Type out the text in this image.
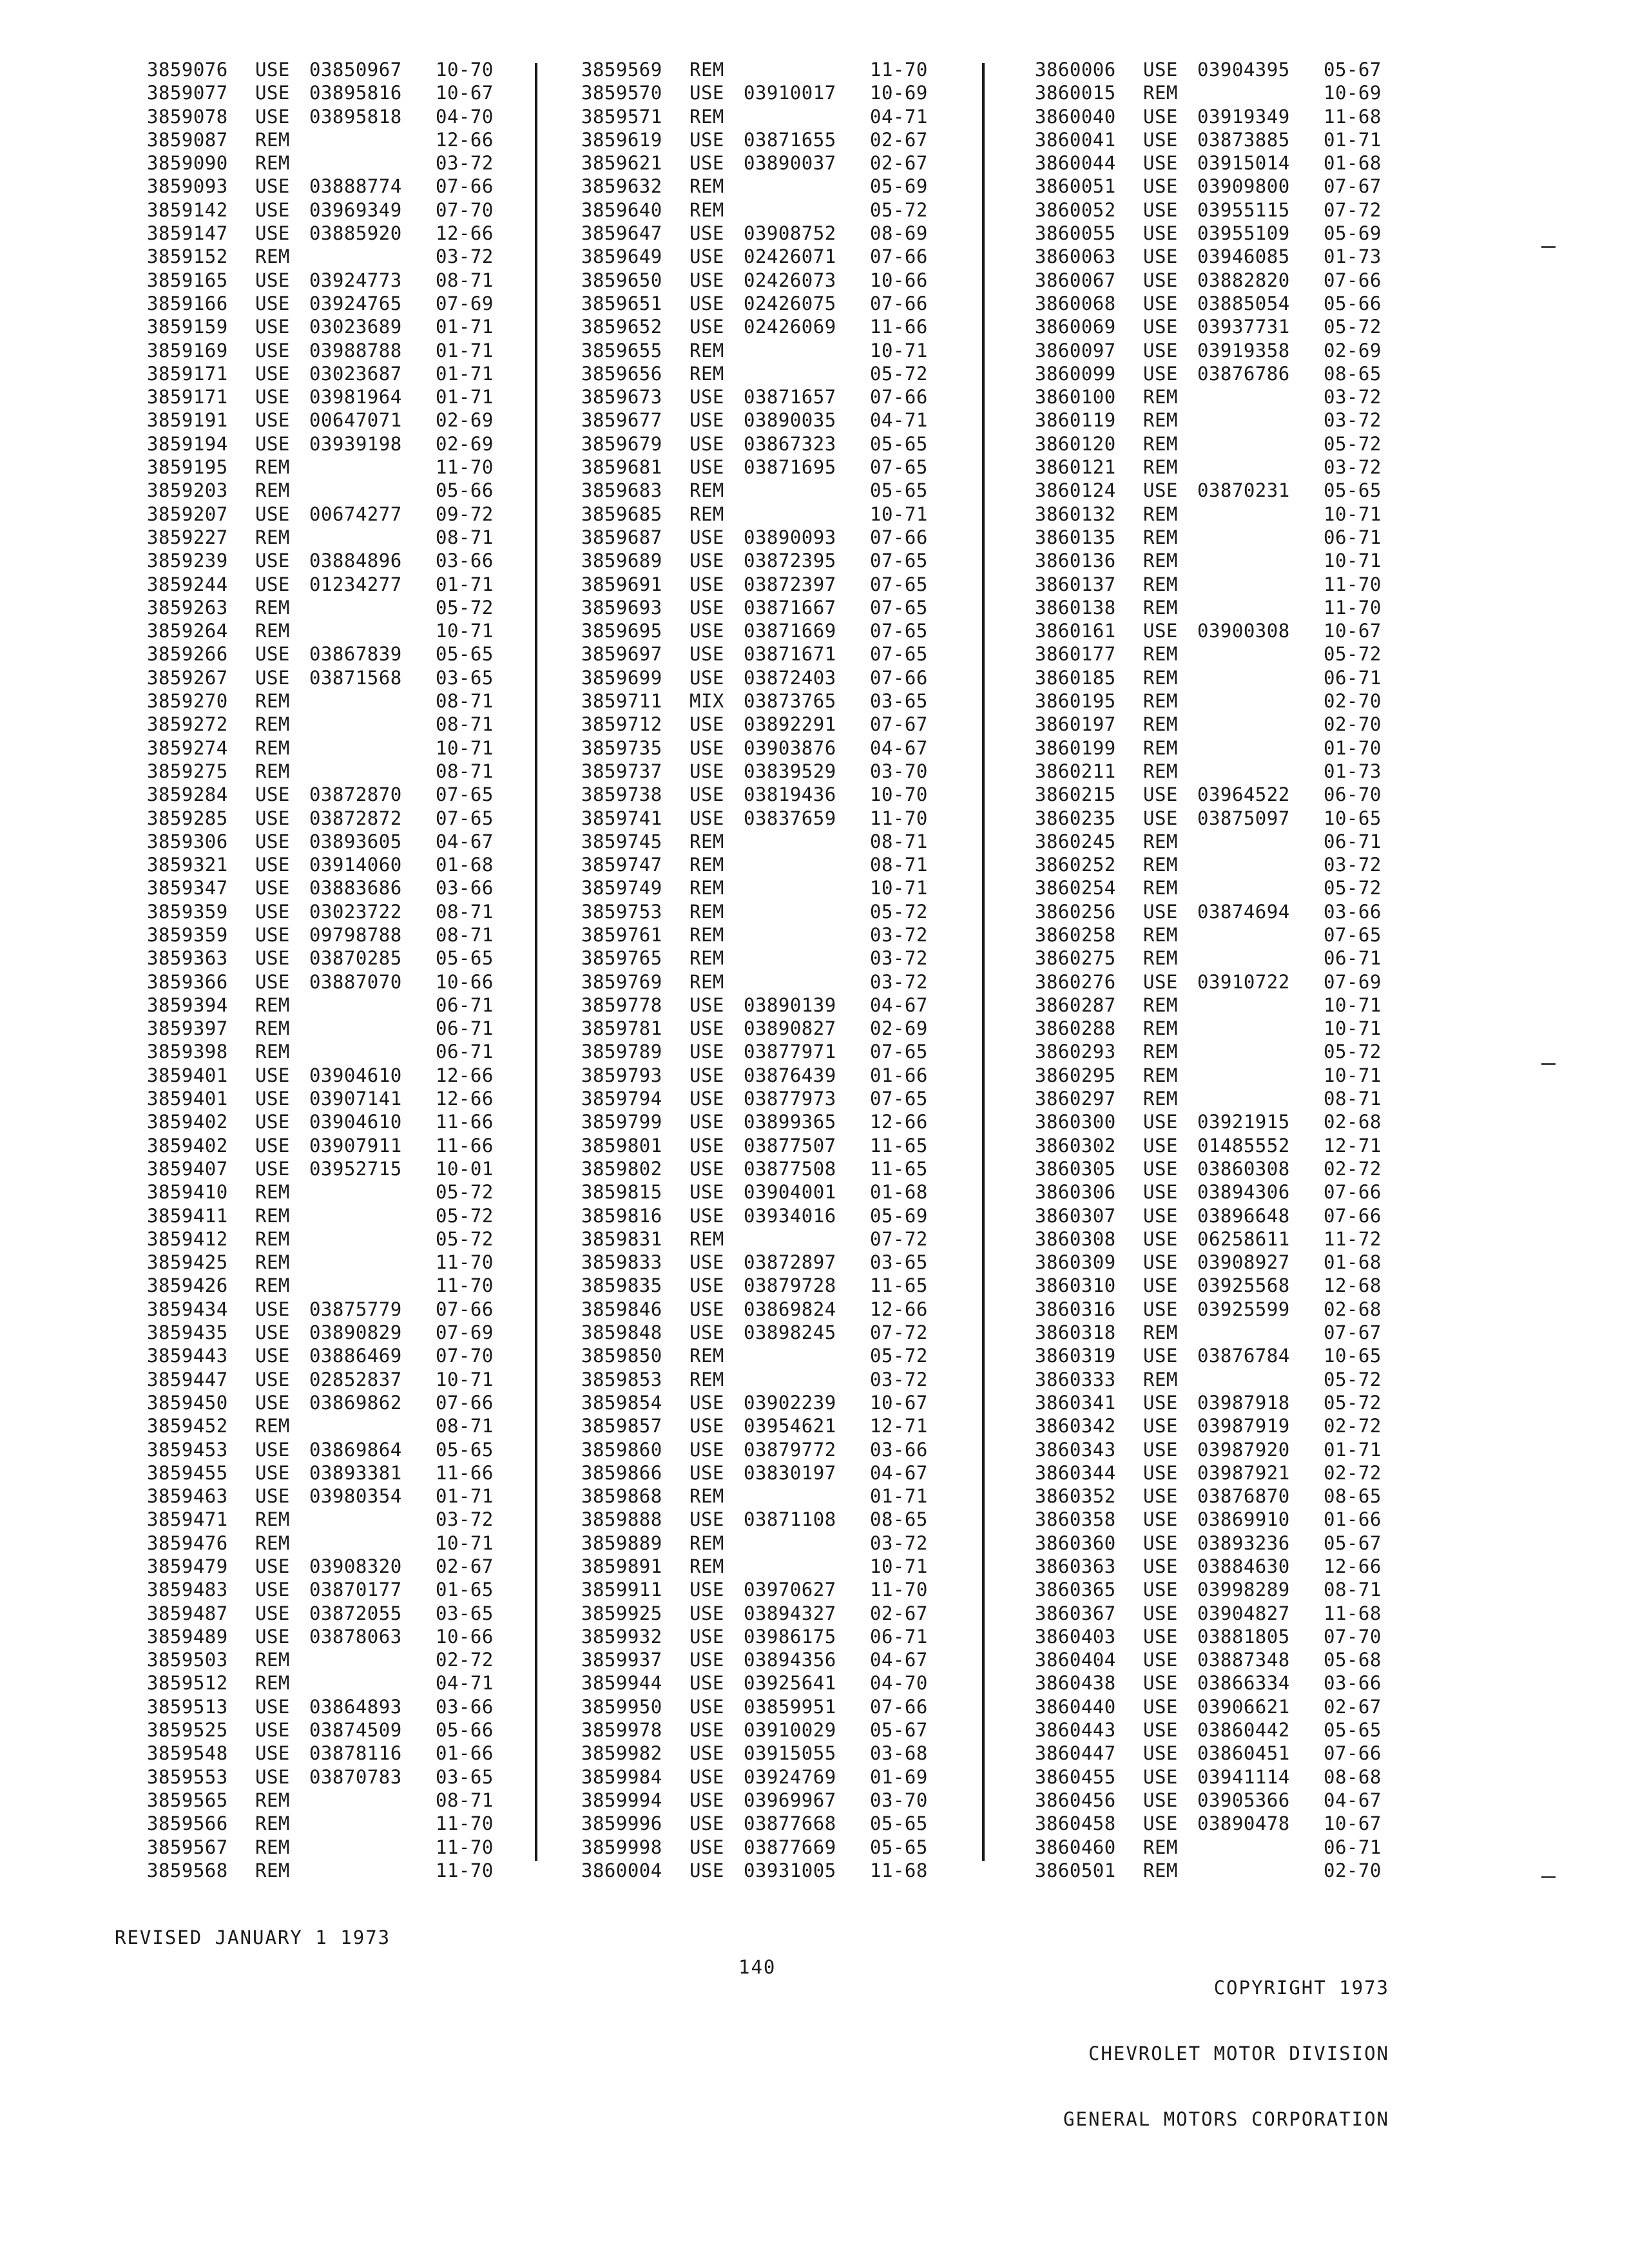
3859076 USE 03850967 10-70
3859077 USE 03895816 10-67
3859078 USE 03895818 04-70
3859087 REM	12-66
3859090 REM	03-72
3859093 USE 03888774 07-66
3859142 USE 03969349 07-70
3859147 USE 03885920 12-66
3859152 REM	03-72
3859165 USE 03924773 08-71
3859166 USE 03924765 07-69
3859159 USE 03023689 01-71
3859169 USE 03988788 01-71
3859171 USE 03023687 01-71
3859171 USE 03981964 01-71
3859191 USE 00647071 02-69
3859194 USE 03939198 02-69
3859195 REM	11-70
3859203 REM	05-66
3859207 USE 00674277 09-72
3859227 REM	08-71
3859239 USE 03884896 03-66
3859244 USE 01234277 01-71
3859263 REM	05-72
3859264 REM	10-71
3859266 USE 03867839 05-65
3859267 USE 03871568 03-65
3859270 REM	08-71
3859272 REM	08-71
3859274 REM	10-71
3859275 REM	08-71
3859284 USE 03872870 07-65
3859285 USE 03872872 07-65
3859306 USE 03893605 04-67
3859321 USE 03914060 01-68
3859347 USE 03883686 03-66
3859359 USE 03023722 08-71
3859359 USE 09798788 08-71
3859363 USE 03870285 05-65
3859366 USE 03887070 10-66
3859394 REM	06-71
3859397 REM	06-71
3859398 REM	06-71
3859401 USE 03904610 12-66
3859401 USE 03907141 12-66
3859402 USE 03904610 11-66
3859402 USE 03907911 11-66
3859407 USE 03952715 10-01
3859410 REM	05-72
3859411 REM	05-72
3859412 REM	05-72
3859425 REM	11-70
3859426 REM	11-70
3859434 USE 03875779 07-66
3859435 USE 03890829 07-69
3859443 USE 03886469 07-70
3859447 USE 02852837 10-71
3859450 USE 03869862 07-66
3859452 REM	08-71
3859453 USE 03869864 05-65
3859455 USE 03893381 11-66
3859463 USE 03980354 01-71
3859471 REM	03-72
3859476 REM	10-71
3859479 USE 03908320 02-67
3859483 USE 03870177 01-65
3859487 USE 03872055 03-65
3859489 USE 03878063 10-66
3859503 REM	02-72
3859512 REM	04-71
3859513 USE 03864893 03-66
3859525 USE 03874509 05-66
3859548 USE 03878116 01-66
3859553 USE 03870783 03-65
3859565 REM	08-71
3859566 REM	11-70
3859567 REM	11-70
3859568 REM	11-70
3859569 REM	11-70
3859570 USE 03910017 10-69
3859571 REM	04-71
3859619 USE 03871655 02-67
3859621 USE 03890037 02-67
3859632 REM	05-69
3859640 REM	05-72
3859647 USE 03908752 08-69
3859649 USE 02426071 07-66
3859650 USE 02426073 10-66
3859651 USE 02426075 07-66
3859652 USE 02426069 11-66
3859655 REM	10-71
3859656 REM	05-72
3859673 USE 03871657 07-66
3859677 USE 03890035 04-71
3859679 USE 03867323 05-65
3859681 USE 03871695 07-65
3859683 REM	05-65
3859685 REM	10-71
3859687 USE 03890093 07-66
3859689 USE 03872395 07-65
3859691 USE 03872397 07-65
3859693 USE 03871667 07-65
3859695 USE 03871669 07-65
3859697 USE 03871671 07-65
3859699 USE 03872403 07-66
3859711 MIX 03873765 03-65
3859712 USE 03892291 07-67
3859735 USE 03903876 04-67
3859737 USE 03839529 03-70
3859738 USE 03819436 10-70
3859741 USE 03837659 11-70
3859745 REM	08-71
3859747 REM	08-71
3859749 REM	10-71
3859753 REM	05-72
3859761 REM	03-72
3859765 REM	03-72
3859769 REM	03-72
3859778 USE 03890139 04-67
3859781 USE 03890827 02-69
3859789 USE 03877971 07-65
3859793 USE 03876439 01-66
3859794 USE 03877973 07-65
3859799 USE 03899365 12-66
3859801 USE 03877507 11-65
3859802 USE 03877508 11-65
3859815 USE 03904001 01-68
3859816 USE 03934016 05-69
3859831 REM	07-72
3859833 USE 03872897 03-65
3859835 USE 03879728 11-65
3859846 USE 03869824 12-66
3859848 USE 03898245 07-72
3859850 REM	05-72
3859853 REM	03-72
3859854 USE 03902239 10-67
3859857 USE 03954621 12-71
3859860 USE 03879772 03-66
3859866 USE 03830197 04-67
3859868 REM	01-71
3859888 USE 03871108 08-65
3859889 REM	03-72
3859891 REM	10-71
3859911 USE 03970627 11-70
3859925 USE 03894327 02-67
3859932 USE 03986175 06-71
3859937 USE 03894356 04-67
3859944 USE 03925641 04-70
3859950 USE 03859951 07-66
3859978 USE 03910029 05-67
3859982 USE 03915055 03-68
3859984 USE 03924769 01-69
3859994 USE 03969967 03-70
3859996 USE 03877668 05-65
3859998 USE 03877669 05-65
3860004 USE 03931005 11-68
3860006 USE 03904395 05-67
3860015 REM	10-69
3860040 USE 03919349 11-68
3860041 USE 03873885 01-71
3860044 USE 03915014 01-68
3860051 USE 03909800 07-67
3860052 USE 03955115 07-72
3860055 USE 03955109 05-69
3860063 USE 03946085 01-73
3860067 USE 03882820 07-66
3860068 USE 03885054 05-66
3860069 USE 03937731 05-72
3860097 USE 03919358 02-69
3860099 USE 03876786 08-65
3860100 REM	03-72
3860119 REM	03-72
3860120 REM	05-72
3860121 REM	03-72
3860124 USE 03870231 05-65
3860132 REM	10-71
3860135 REM	06-71
3860136 REM	10-71
3860137 REM	11-70
3860138 REM	11-70
3860161 USE 03900308 10-67
3860177 REM	05-72
3860185 REM	06-71
3860195 REM	02-70
3860197 REM	02-70
3860199 REM	01-70
3860211 REM	01-73
3860215 USE 03964522 06-70
3860235 USE 03875097 10-65
3860245 REM	06-71
3860252 REM	03-72
3860254 REM	05-72
3860256 USE 03874694 03-66
3860258 REM	07-65
3860275 REM	06-71
3860276 USE 03910722 07-69
3860287 REM	10-71
3860288 REM	10-71
3860293 REM	05-72
3860295 REM	10-71
3860297 REM	08-71
3860300 USE 03921915 02-68
3860302 USE 01485552 12-71
3860305 USE 03860308 02-72
3860306 USE 03894306 07-66
3860307 USE 03896648 07-66
3860308 USE 06258611 11-72
3860309 USE 03908927 01-68
3860310 USE 03925568 12-68
3860316 USE 03925599 02-68
3860318 REM	07-67
3860319 USE 03876784 10-65
3860333 REM	05-72
3860341 USE 03987918 05-72
3860342 USE 03987919 02-72
3860343 USE 03987920 01-71
3860344 USE 03987921 02-72
3860352 USE 03876870 08-65
3860358 USE 03869910 01-66
3860360 USE 03893236 05-67
3860363 USE 03884630 12-66
3860365 USE 03998289 08-71
3860367 USE 03904827 11-68
3860403 USE 03881805 07-70
3860404 USE 03887348 05-68
3860438 USE 03866334 03-66
3860440 USE 03906621 02-67
3860443 USE 03860442 05-65
3860447 USE 03860451 07-66
3860455 USE 03941114 08-68
3860456 USE 03905366 04-67
3860458 USE 03890478 10-67
3860460 REM	06-71
3860501 REM	02-70
REVISED JANUARY 1 1973
140

COPYRIGHT 1973

CHEVROLET MOTOR DIVISION

GENERAL MOTORS CORPORATION
